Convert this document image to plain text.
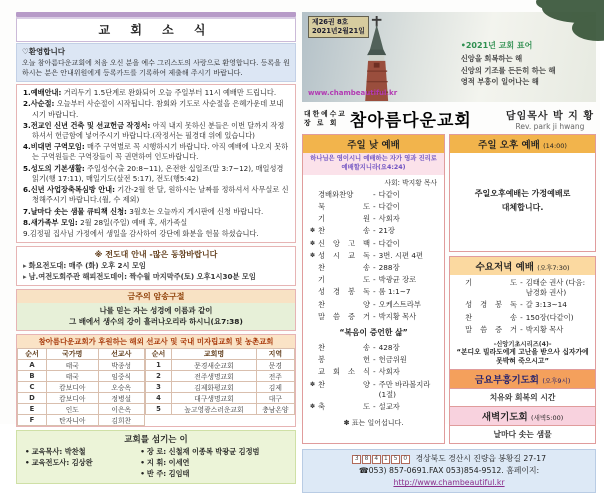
교 회 소 식
♡환영합니다
오늘 참아름다운교회에 처음 오신 분을 예수 그리스도의 사랑으로 환영합니다. 등록을 원하시는 분은 안내위원에게 등록카드를 기록하여 제출해 주시기 바랍니다.
1.예배안내: 거리두기 1.5단계로 완화되어 오늘 주일부터 11시 예배만 드립니다.
2.사순절: 오늘부터 사순절이 시작됩니다. 참회와 기도로 사순절을 은혜가운데 보내시기 바랍니다.
3.전교인 신년 건축 및 선교헌금 작정서: 아직 내지 못하신 분들은 이번 달까지 작정하셔서 헌금함에 넣어주시기 바랍니다.(작정서는 필경대 위에 있습니다)
4.비대면 구역모임: 매주 구역별로 꼭 시행하시기 바랍니다. 아직 예배에 나오지 못하는 구역원들은 구역장들이 꼭 권면하여 인도바랍니다.
5.성도의 기본생활: 주일성수(출 20:8~11), 온전한 십일조(말 3:7~12), 매일성경읽기(행 17:11), 매일기도(살전 5:17), 전도(행5:42)
6.신년 사업장축복심방 안내: 기간-2월 한 달, 원하시는 날짜를 정하셔서 사무실로 신청해주시기 바랍니다.(월, 수 제외)
7.날마다 솟는 샘물 큐티책 신청: 3월호는 오늘까지 게시판에 신청 바랍니다.
8.새가족부 모임: 2월 28일(주일) 예배 후, 새가족실
9.김정필 집사님 가정에서 생일을 감사하여 강단에 화분을 헌물 하셨습니다.
※ 전도대 안내 -많은 동참바랍니다
▸ 화요전도대: 매주 (화) 오후 2시 모임
▸ 남.여전도회주관 해피전도데이: 짝수월 마지막주(토) 오후1시30분 모임
금주의 암송구절
나를 믿는 자는 성경에 이름과 같이
그 배에서 생수의 강이 흘러나오리라 하시니(요7:38)
참아름다운교회가 후원하는 해외 선교사 및 국내 미자립교회 및 농촌교회
순서	국가명	선교사
A	태국	박종성
B	태국	임중식
C	캄보디아	오승옥
D	캄보디아	정병설
E	인도	이은옥
F	탄자니아	김희찬
순서	교회명	지역
1	문경새순교회	문경
2	전주생명교회	전주
3	김제화평교회	김제
4	대구생명교회	대구
5	높고영광스러운교회	충남온양
교회를 섬기는 이
• 교육목사: 박찬철
• 교육전도사: 김상완
• 장 로: 신철재 이종복 박광균 김정범
• 지 휘: 이세연
• 반 주: 김임태
제26권 8호
2021년2월21일
•2021년 교회 표어
신앙을 회복하는 해
신앙의 기조를 든든히 하는 해
영적 부흥이 일어나는 해
www.chambeautiful.kr
대한예수교
장 로 회 참아름다운교회	담임목사 박 지 황
Rev. park ji hwang
주일 낮 예배
하나님은 영이시니 예배하는 자가 영과 진리로 예배할지니라(요4:24)
사회: 박지황 목사
경배와찬양	- 다같이
묵 도 - 다같이
기 원 - 사회자
✽ 찬 송 - 21장
✽ 신 앙 고 백 - 다같이
✽ 성 시 교 독 - 3번. 시편 4편
찬 송 - 288장
기 도 - 박광균 장로
성 경 봉 독 - 롬 1:1~7
찬 양 - 오케스트라부
말 씀 증 거 - 박지황 목사
“복음이 증언한 삶”
찬 송 - 428장
봉 헌 - 헌금위원
교 회 소 식 - 사회자
✽ 찬 양 - 주만 바라볼지라 (1절)
✽ 축 도 - 설교자
✽ 표는 일어섭니다.
주일 오후 예배 (14:00)
주일오후예배는 가정예배로
대체합니다.
수요저녁 예배 (오후7:30)
기 도 - 김태순 권사 (다음: 남경화 권사)
성 경 봉 독 - 갈 3:13~14
찬 송 - 150장(다같이)
말 씀 증 거 - 박지황 목사
-신앙기초시리즈(4)-
“본디오 빌라도에게 고난을 받으사 십자가에 못박혀 죽으시고”
금요부흥기도회 (오후9시)
치유와 회복의 시간
새벽기도회 (새벽5:00)
날마다 솟는 샘물
3 8 4 1 5 0 경상북도 경산시 진량읍 봉황길 27-17
☎053) 857-0691.FAX 053)854-9512. 홈페이지: http://www.chambeautiful.kr
